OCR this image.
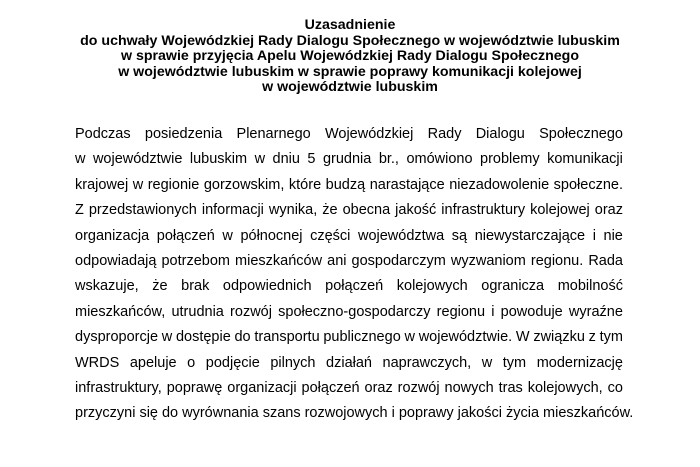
Uzasadnienie
do uchwały Wojewódzkiej Rady Dialogu Społecznego w województwie lubuskim
w sprawie przyjęcia Apelu Wojewódzkiej Rady Dialogu Społecznego
w województwie lubuskim w sprawie poprawy komunikacji kolejowej
w województwie lubuskim
Podczas posiedzenia Plenarnego Wojewódzkiej Rady Dialogu Społecznego
w województwie lubuskim w dniu 5 grudnia br., omówiono problemy komunikacji
krajowej w regionie gorzowskim, które budzą narastające niezadowolenie społeczne.
Z przedstawionych informacji wynika, że obecna jakość infrastruktury kolejowej oraz
organizacja połączeń w północnej części województwa są niewystarczające i nie
odpowiadają potrzebom mieszkańców ani gospodarczym wyzwaniom regionu. Rada
wskazuje, że brak odpowiednich połączeń kolejowych ogranicza mobilność
mieszkańców, utrudnia rozwój społeczno-gospodarczy regionu i powoduje wyraźne
dysproporcje w dostępie do transportu publicznego w województwie. W związku z tym
WRDS apeluje o podjęcie pilnych działań naprawczych, w tym modernizację
infrastruktury, poprawę organizacji połączeń oraz rozwój nowych tras kolejowych, co
przyczyni się do wyrównania szans rozwojowych i poprawy jakości życia mieszkańców.
